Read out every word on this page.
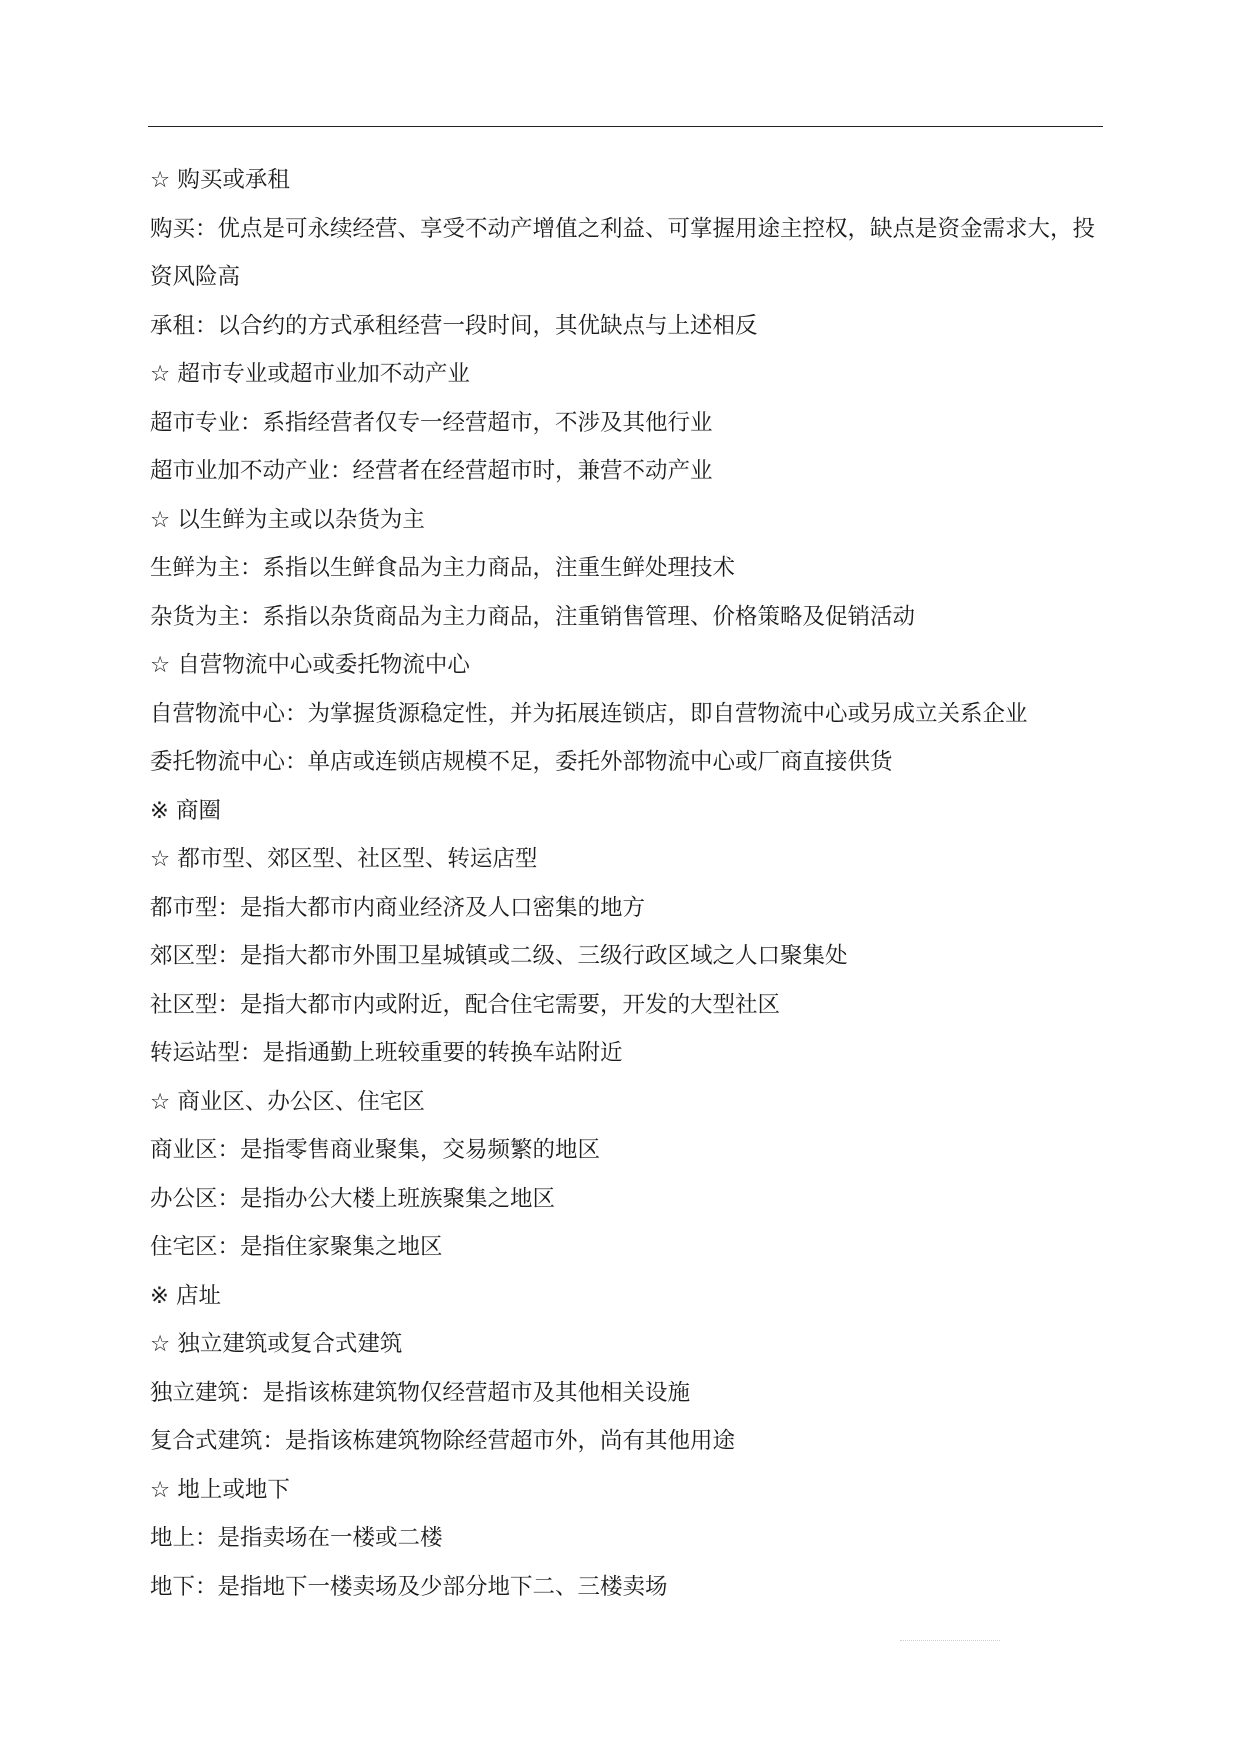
☆ 购买或承租

购买：优点是可永续经营、享受不动产增值之利益、可掌握用途主控权，缺点是资金需求大，投资风险高

承租：以合约的方式承租经营一段时间，其优缺点与上述相反

☆ 超市专业或超市业加不动产业

超市专业：系指经营者仅专一经营超市，不涉及其他行业

超市业加不动产业：经营者在经营超市时，兼营不动产业

☆ 以生鲜为主或以杂货为主

生鲜为主：系指以生鲜食品为主力商品，注重生鲜处理技术

杂货为主：系指以杂货商品为主力商品，注重销售管理、价格策略及促销活动

☆ 自营物流中心或委托物流中心

自营物流中心：为掌握货源稳定性，并为拓展连锁店，即自营物流中心或另成立关系企业

委托物流中心：单店或连锁店规模不足，委托外部物流中心或厂商直接供货

※ 商圈

☆ 都市型、郊区型、社区型、转运店型

都市型：是指大都市内商业经济及人口密集的地方

郊区型：是指大都市外围卫星城镇或二级、三级行政区域之人口聚集处

社区型：是指大都市内或附近，配合住宅需要，开发的大型社区

转运站型：是指通勤上班较重要的转换车站附近

☆ 商业区、办公区、住宅区

商业区：是指零售商业聚集，交易频繁的地区

办公区：是指办公大楼上班族聚集之地区

住宅区：是指住家聚集之地区

※ 店址

☆ 独立建筑或复合式建筑

独立建筑：是指该栋建筑物仅经营超市及其他相关设施

复合式建筑：是指该栋建筑物除经营超市外，尚有其他用途

☆ 地上或地下

地上：是指卖场在一楼或二楼

地下：是指地下一楼卖场及少部分地下二、三楼卖场
